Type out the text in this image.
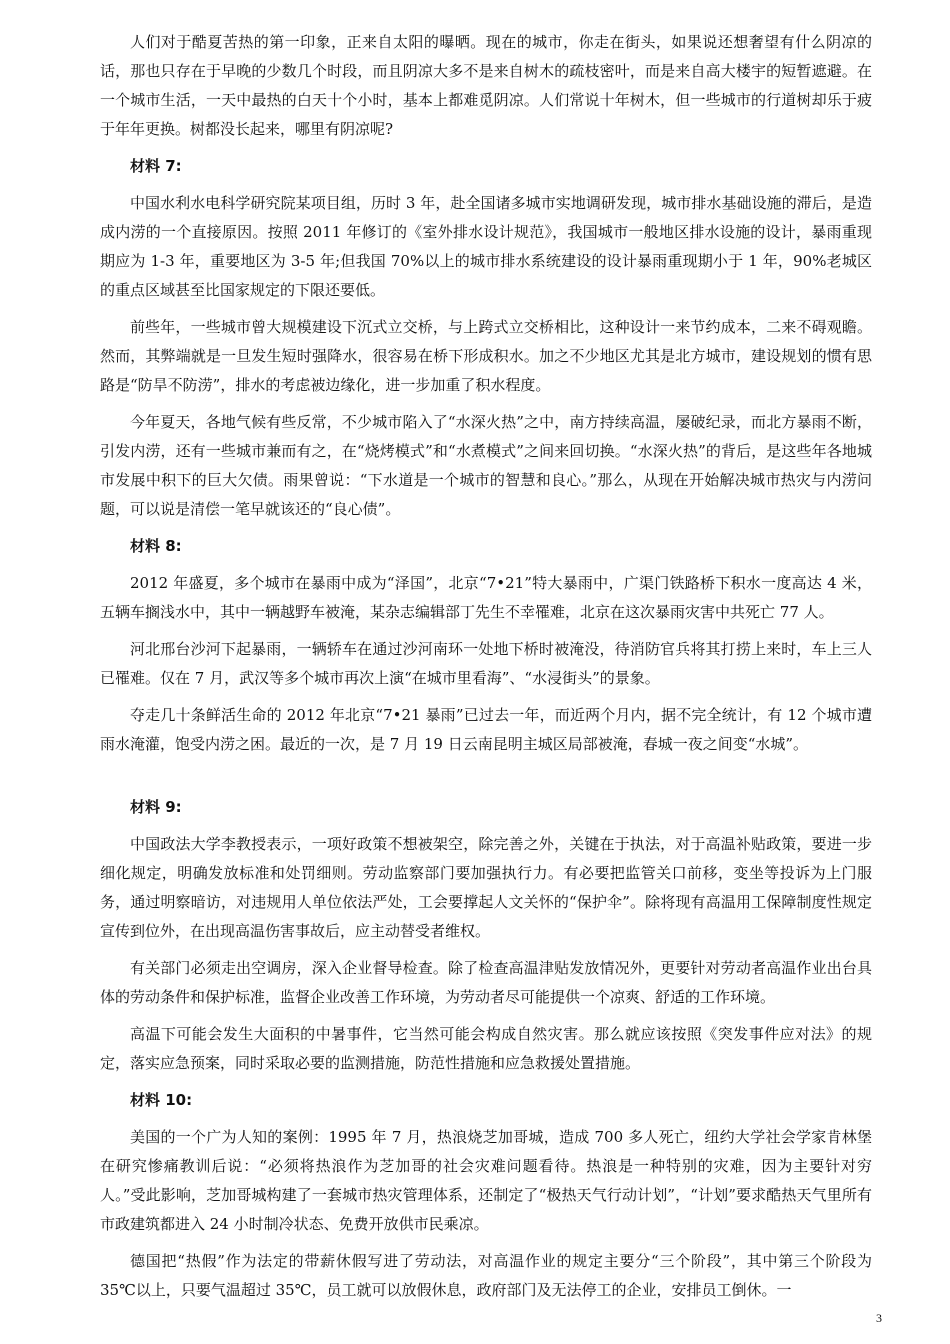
人们对于酷夏苦热的第一印象，正来自太阳的曝晒。现在的城市，你走在街头，如果说还想奢望有什么阴凉的话，那也只存在于早晚的少数几个时段，而且阴凉大多不是来自树木的疏枝密叶，而是来自高大楼宇的短暂遮避。在一个城市生活，一天中最热的白天十个小时，基本上都难觅阴凉。人们常说十年树木，但一些城市的行道树却乐于疲于年年更换。树都没长起来，哪里有阴凉呢?

材料 7:

中国水利水电科学研究院某项目组，历时 3 年，赴全国诸多城市实地调研发现，城市排水基础设施的滞后，是造成内涝的一个直接原因。按照 2011 年修订的《室外排水设计规范》，我国城市一般地区排水设施的设计，暴雨重现期应为 1-3 年，重要地区为 3-5 年;但我国 70%以上的城市排水系统建设的设计暴雨重现期小于 1 年，90%老城区的重点区域甚至比国家规定的下限还要低。

前些年，一些城市曾大规模建设下沉式立交桥，与上跨式立交桥相比，这种设计一来节约成本，二来不碍观瞻。然而，其弊端就是一旦发生短时强降水，很容易在桥下形成积水。加之不少地区尤其是北方城市，建设规划的惯有思路是“防旱不防涝”，排水的考虑被边缘化，进一步加重了积水程度。

今年夏天，各地气候有些反常，不少城市陷入了“水深火热”之中，南方持续高温，屡破纪录，而北方暴雨不断，引发内涝，还有一些城市兼而有之，在“烧烤模式”和“水煮模式”之间来回切换。“水深火热”的背后，是这些年各地城市发展中积下的巨大欠债。雨果曾说：“下水道是一个城市的智慧和良心。”那么，从现在开始解决城市热灾与内涝问题，可以说是清偿一笔早就该还的“良心债”。

材料 8:

2012 年盛夏，多个城市在暴雨中成为“泽国”，北京“7•21”特大暴雨中，广渠门铁路桥下积水一度高达 4 米，五辆车搁浅水中，其中一辆越野车被淹，某杂志编辑部丁先生不幸罹难，北京在这次暴雨灾害中共死亡 77 人。

河北邢台沙河下起暴雨，一辆轿车在通过沙河南环一处地下桥时被淹没，待消防官兵将其打捞上来时，车上三人已罹难。仅在 7 月，武汉等多个城市再次上演“在城市里看海”、“水浸街头”的景象。

夺走几十条鲜活生命的 2012 年北京“7•21 暴雨”已过去一年，而近两个月内，据不完全统计，有 12 个城市遭雨水淹灌，饱受内涝之困。最近的一次，是 7 月 19 日云南昆明主城区局部被淹，春城一夜之间变“水城”。

材料 9:

中国政法大学李教授表示，一项好政策不想被架空，除完善之外，关键在于执法，对于高温补贴政策，要进一步细化规定，明确发放标准和处罚细则。劳动监察部门要加强执行力。有必要把监管关口前移，变坐等投诉为上门服务，通过明察暗访，对违规用人单位依法严处，工会要撑起人文关怀的“保护伞”。除将现有高温用工保障制度性规定宣传到位外，在出现高温伤害事故后，应主动替受者维权。

有关部门必须走出空调房，深入企业督导检查。除了检查高温津贴发放情况外，更要针对劳动者高温作业出台具体的劳动条件和保护标准，监督企业改善工作环境，为劳动者尽可能提供一个凉爽、舒适的工作环境。

高温下可能会发生大面积的中暑事件，它当然可能会构成自然灾害。那么就应该按照《突发事件应对法》的规定，落实应急预案，同时采取必要的监测措施，防范性措施和应急救援处置措施。

材料 10:

美国的一个广为人知的案例：1995 年 7 月，热浪烧芝加哥城，造成 700 多人死亡，纽约大学社会学家肯林堡在研究惨痛教训后说：“必须将热浪作为芝加哥的社会灾难问题看待。热浪是一种特别的灾难，因为主要针对穷人。”受此影响，芝加哥城构建了一套城市热灾管理体系，还制定了“极热天气行动计划”，“计划”要求酷热天气里所有市政建筑都进入 24 小时制冷状态、免费开放供市民乘凉。

德国把“热假”作为法定的带薪休假写进了劳动法，对高温作业的规定主要分“三个阶段”，其中第三个阶段为 35℃以上，只要气温超过 35℃，员工就可以放假休息，政府部门及无法停工的企业，安排员工倒休。一

3
